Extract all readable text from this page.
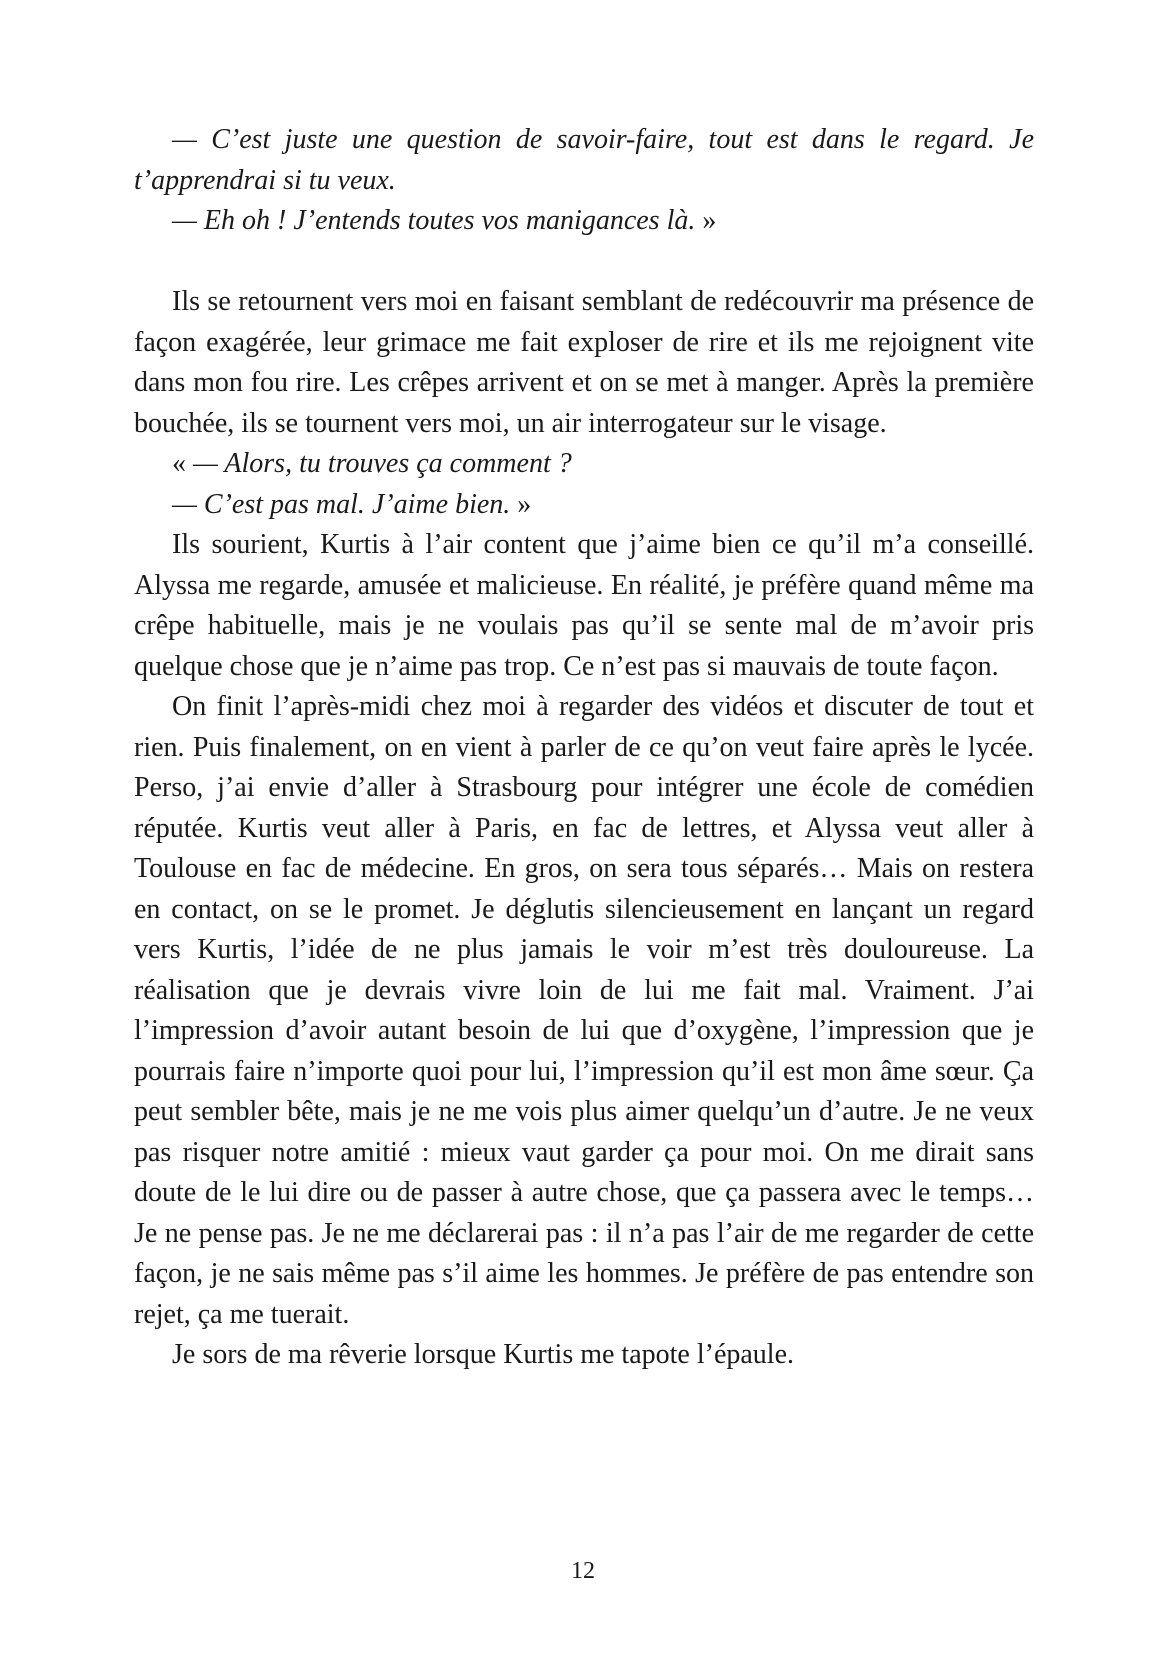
— C’est juste une question de savoir-faire, tout est dans le regard. Je t’apprendrai si tu veux.

— Eh oh ! J’entends toutes vos manigances là. »

Ils se retournent vers moi en faisant semblant de redécouvrir ma présence de façon exagérée, leur grimace me fait exploser de rire et ils me rejoignent vite dans mon fou rire. Les crêpes arrivent et on se met à manger. Après la première bouchée, ils se tournent vers moi, un air interrogateur sur le visage.

« — Alors, tu trouves ça comment ?

— C’est pas mal. J’aime bien. »

Ils sourient, Kurtis à l’air content que j’aime bien ce qu’il m’a conseillé. Alyssa me regarde, amusée et malicieuse. En réalité, je préfère quand même ma crêpe habituelle, mais je ne voulais pas qu’il se sente mal de m’avoir pris quelque chose que je n’aime pas trop. Ce n’est pas si mauvais de toute façon.

On finit l’après-midi chez moi à regarder des vidéos et discuter de tout et rien. Puis finalement, on en vient à parler de ce qu’on veut faire après le lycée. Perso, j’ai envie d’aller à Strasbourg pour intégrer une école de comédien réputée. Kurtis veut aller à Paris, en fac de lettres, et Alyssa veut aller à Toulouse en fac de médecine. En gros, on sera tous séparés… Mais on restera en contact, on se le promet. Je déglutis silencieusement en lançant un regard vers Kurtis, l’idée de ne plus jamais le voir m’est très douloureuse. La réalisation que je devrais vivre loin de lui me fait mal. Vraiment. J’ai l’impression d’avoir autant besoin de lui que d’oxygène, l’impression que je pourrais faire n’importe quoi pour lui, l’impression qu’il est mon âme sœur. Ça peut sembler bête, mais je ne me vois plus aimer quelqu’un d’autre. Je ne veux pas risquer notre amitié : mieux vaut garder ça pour moi. On me dirait sans doute de le lui dire ou de passer à autre chose, que ça passera avec le temps… Je ne pense pas. Je ne me déclarerai pas : il n’a pas l’air de me regarder de cette façon, je ne sais même pas s’il aime les hommes. Je préfère de pas entendre son rejet, ça me tuerait.

Je sors de ma rêverie lorsque Kurtis me tapote l’épaule.

12
